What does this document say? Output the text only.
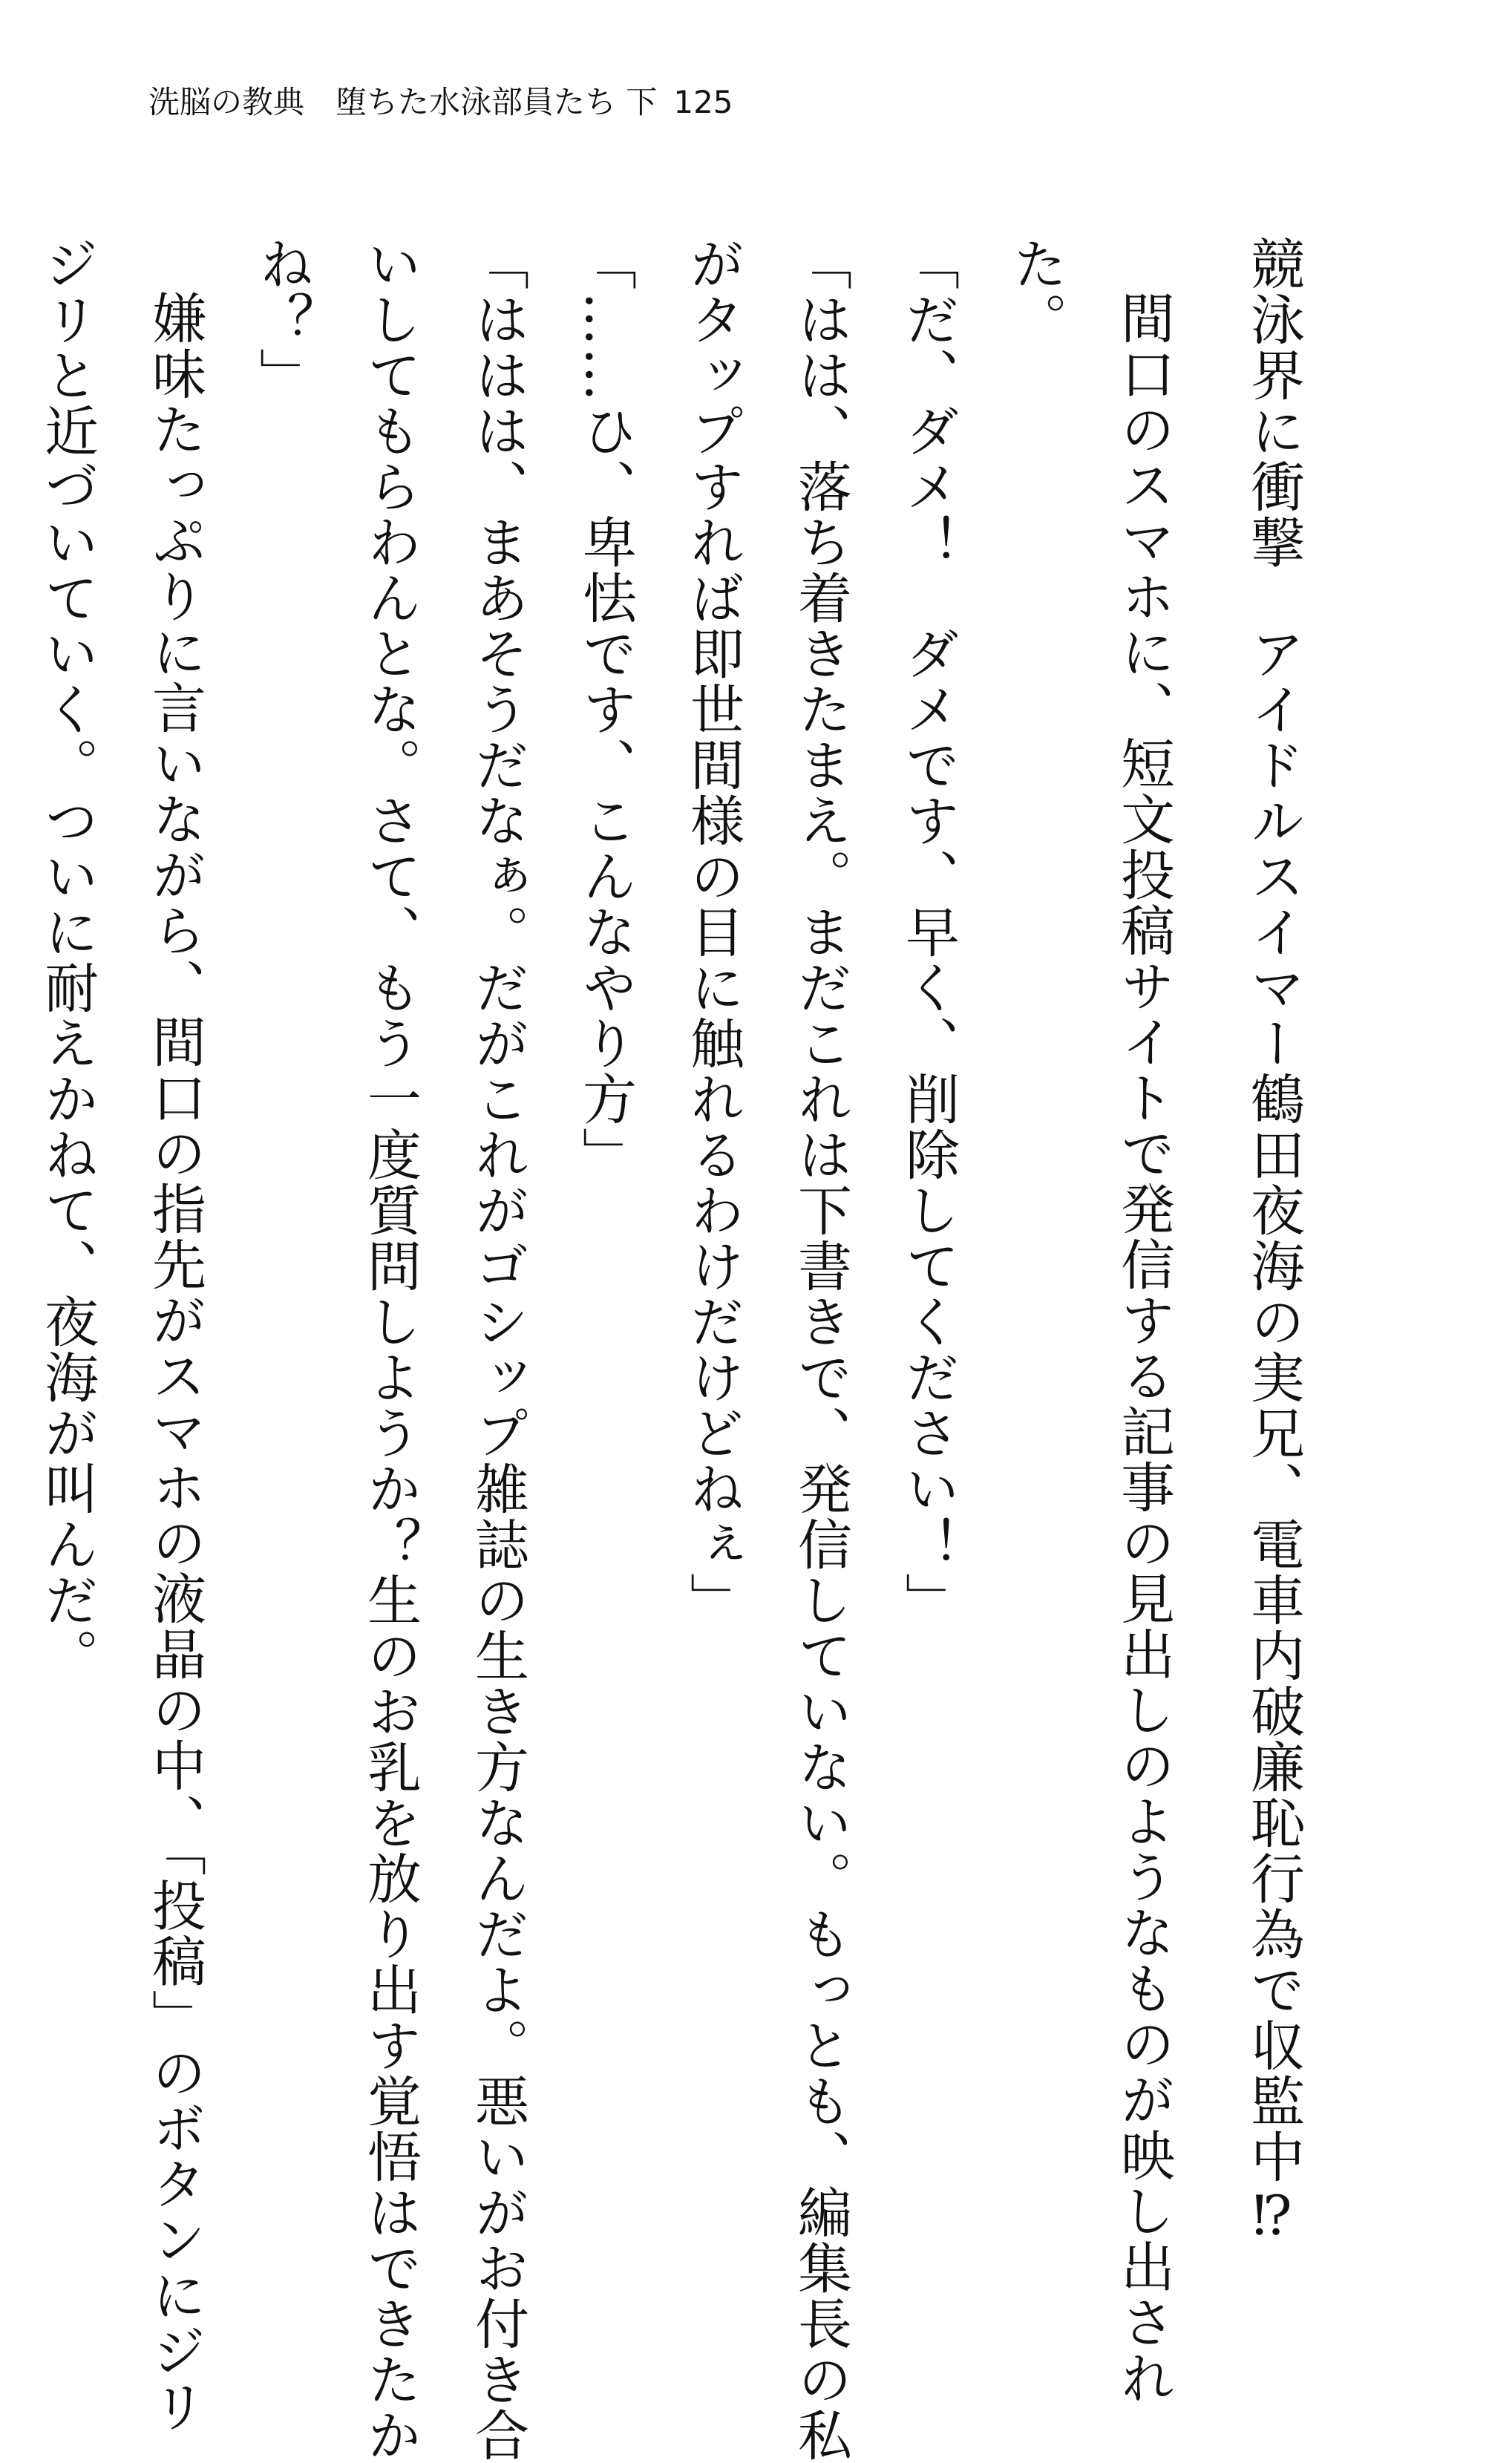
洗脳の教典　堕ちた水泳部員たち 下 125
競泳界に衝撃　アイドルスイマー鶴田夜海の実兄、電車内破廉恥行為で収監中⁉
間口のスマホに、短文投稿サイトで発信する記事の見出しのようなものが映し出され
た。
「だ、ダメ！　ダメです、早く、削除してください！」
「はは、落ち着きたまえ。まだこれは下書きで、発信していない。もっとも、編集長の私
がタップすれば即世間様の目に触れるわけだけどねぇ」
「……ひ、卑怯です、こんなやり方」
「ははは、まあそうだなぁ。だがこれがゴシップ雑誌の生き方なんだよ。悪いがお付き合
いしてもらわんとな。さて、もう一度質問しようか？生のお乳を放り出す覚悟はできたか
ね？」
嫌味たっぷりに言いながら、間口の指先がスマホの液晶の中、「投稿」のボタンにジリ
ジリと近づいていく。ついに耐えかねて、夜海が叫んだ。
